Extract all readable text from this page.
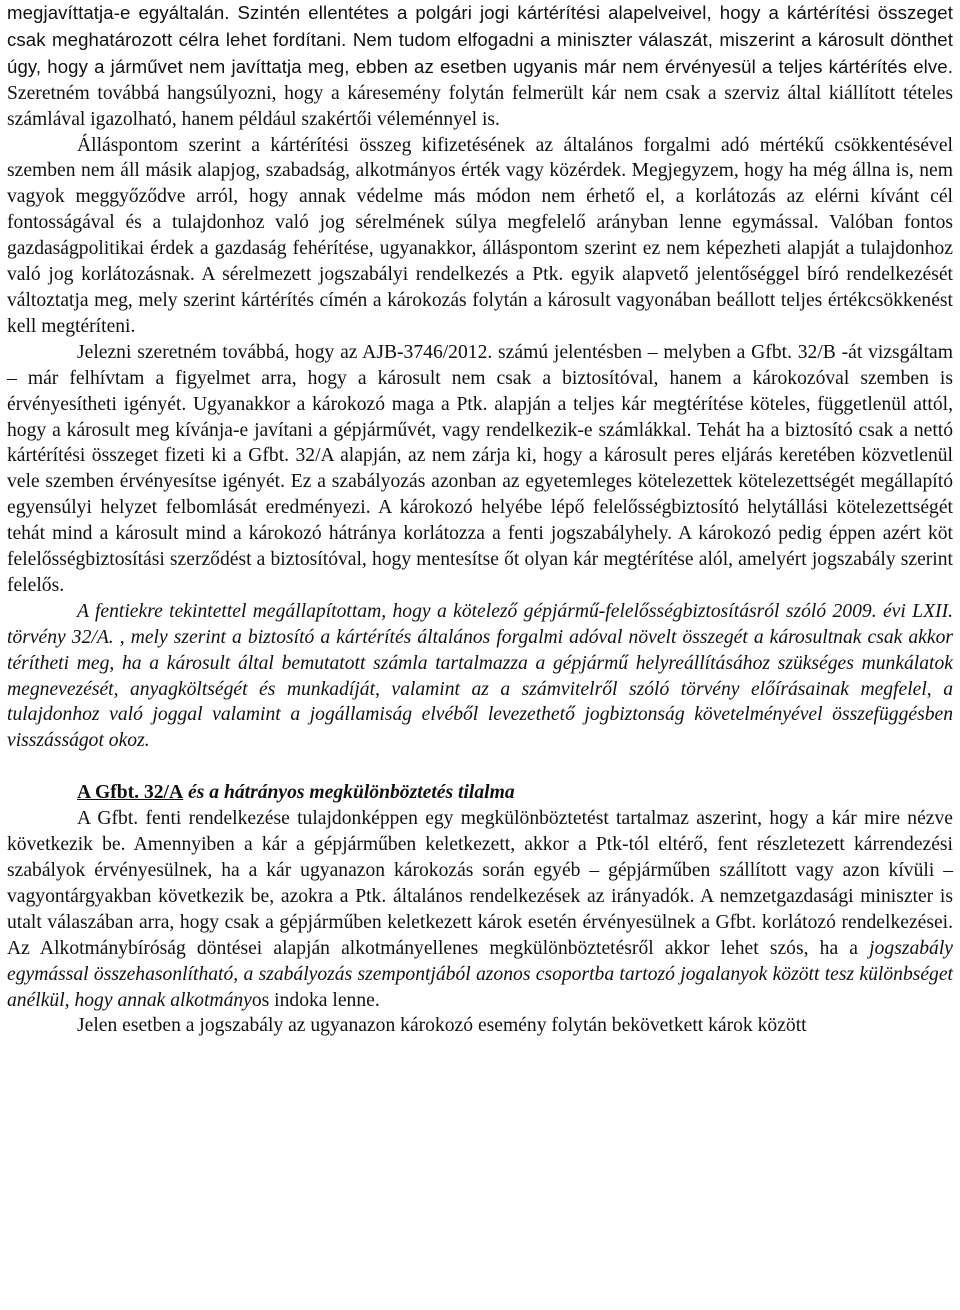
megjavíttatja-e egyáltalán. Szintén ellentétes a polgári jogi kártérítési alapelveivel, hogy a kártérítési összeget csak meghatározott célra lehet fordítani. Nem tudom elfogadni a miniszter válaszát, miszerint a károsult dönthet úgy, hogy a járművet nem javíttatja meg, ebben az esetben ugyanis már nem érvényesül a teljes kártérítés elve. Szeretném továbbá hangsúlyozni, hogy a káresemény folytán felmerült kár nem csak a szerviz által kiállított tételes számlával igazolható, hanem például szakértői véleménnyel is.

Álláspontom szerint a kártérítési összeg kifizetésének az általános forgalmi adó mértékű csökkentésével szemben nem áll másik alapjog, szabadság, alkotmányos érték vagy közérdek. Megjegyzem, hogy ha még állna is, nem vagyok meggyőződve arról, hogy annak védelme más módon nem érhető el, a korlátozás az elérni kívánt cél fontosságával és a tulajdonhoz való jog sérelmének súlya megfelelő arányban lenne egymással. Valóban fontos gazdaságpolitikai érdek a gazdaság fehérítése, ugyanakkor, álláspontom szerint ez nem képezheti alapját a tulajdonhoz való jog korlátozásnak. A sérelmezett jogszabályi rendelkezés a Ptk. egyik alapvető jelentőséggel bíró rendelkezését változtatja meg, mely szerint kártérítés címén a károkozás folytán a károsult vagyonában beállott teljes értékcsökkenést kell megtéríteni.

Jelezni szeretném továbbá, hogy az AJB-3746/2012. számú jelentésben – melyben a Gfbt. 32/B -át vizsgáltam – már felhívtam a figyelmet arra, hogy a károsult nem csak a biztosítóval, hanem a károkozóval szemben is érvényesítheti igényét. Ugyanakkor a károkozó maga a Ptk. alapján a teljes kár megtérítése köteles, függetlenül attól, hogy a károsult meg kívánja-e javítani a gépjárművét, vagy rendelkezik-e számlákkal. Tehát ha a biztosító csak a nettó kártérítési összeget fizeti ki a Gfbt. 32/A alapján, az nem zárja ki, hogy a károsult peres eljárás keretében közvetlenül vele szemben érvényesítse igényét. Ez a szabályozás azonban az egyetemleges kötelezettek kötelezettségét megállapító egyensúlyi helyzet felbomlását eredményezi. A károkozó helyébe lépő felelősségbiztosító helytállási kötelezettségét tehát mind a károsult mind a károkozó hátránya korlátozza a fenti jogszabályhely. A károkozó pedig éppen azért köt felelősségbiztosítási szerződést a biztosítóval, hogy mentesítse őt olyan kár megtérítése alól, amelyért jogszabály szerint felelős.

A fentiekre tekintettel megállapítottam, hogy a kötelező gépjármű-felelősségbiztosításról szóló 2009. évi LXII. törvény 32/A. , mely szerint a biztosító a kártérítés általános forgalmi adóval növelt összegét a károsultnak csak akkor térítheti meg, ha a károsult által bemutatott számla tartalmazza a gépjármű helyreállításához szükséges munkálatok megnevezését, anyagköltségét és munkadíját, valamint az a számvitelről szóló törvény előírásainak megfelel, a tulajdonhoz való joggal valamint a jogállamiság elvéből levezethető jogbiztonság követelményével összefüggésben visszásságot okoz.

A Gfbt. 32/A és a hátrányos megkülönböztetés tilalma

A Gfbt. fenti rendelkezése tulajdonképpen egy megkülönböztetést tartalmaz aszerint, hogy a kár mire nézve következik be. Amennyiben a kár a gépjárműben keletkezett, akkor a Ptk-tól eltérő, fent részletezett kárrendezési szabályok érvényesülnek, ha a kár ugyanazon károkozás során egyéb – gépjárműben szállított vagy azon kívüli – vagyontárgyakban következik be, azokra a Ptk. általános rendelkezések az irányadók. A nemzetgazdasági miniszter is utalt válaszában arra, hogy csak a gépjárműben keletkezett károk esetén érvényesülnek a Gfbt. korlátozó rendelkezései. Az Alkotmánybíróság döntései alapján alkotmányellenes megkülönböztetésről akkor lehet szós, ha a jogszabály egymással összehasonlítható, a szabályozás szempontjából azonos csoportba tartozó jogalanyok között tesz különbséget anélkül, hogy annak alkotmányos indoka lenne.

Jelen esetben a jogszabály az ugyanazon károkozó esemény folytán bekövetkett károk között
